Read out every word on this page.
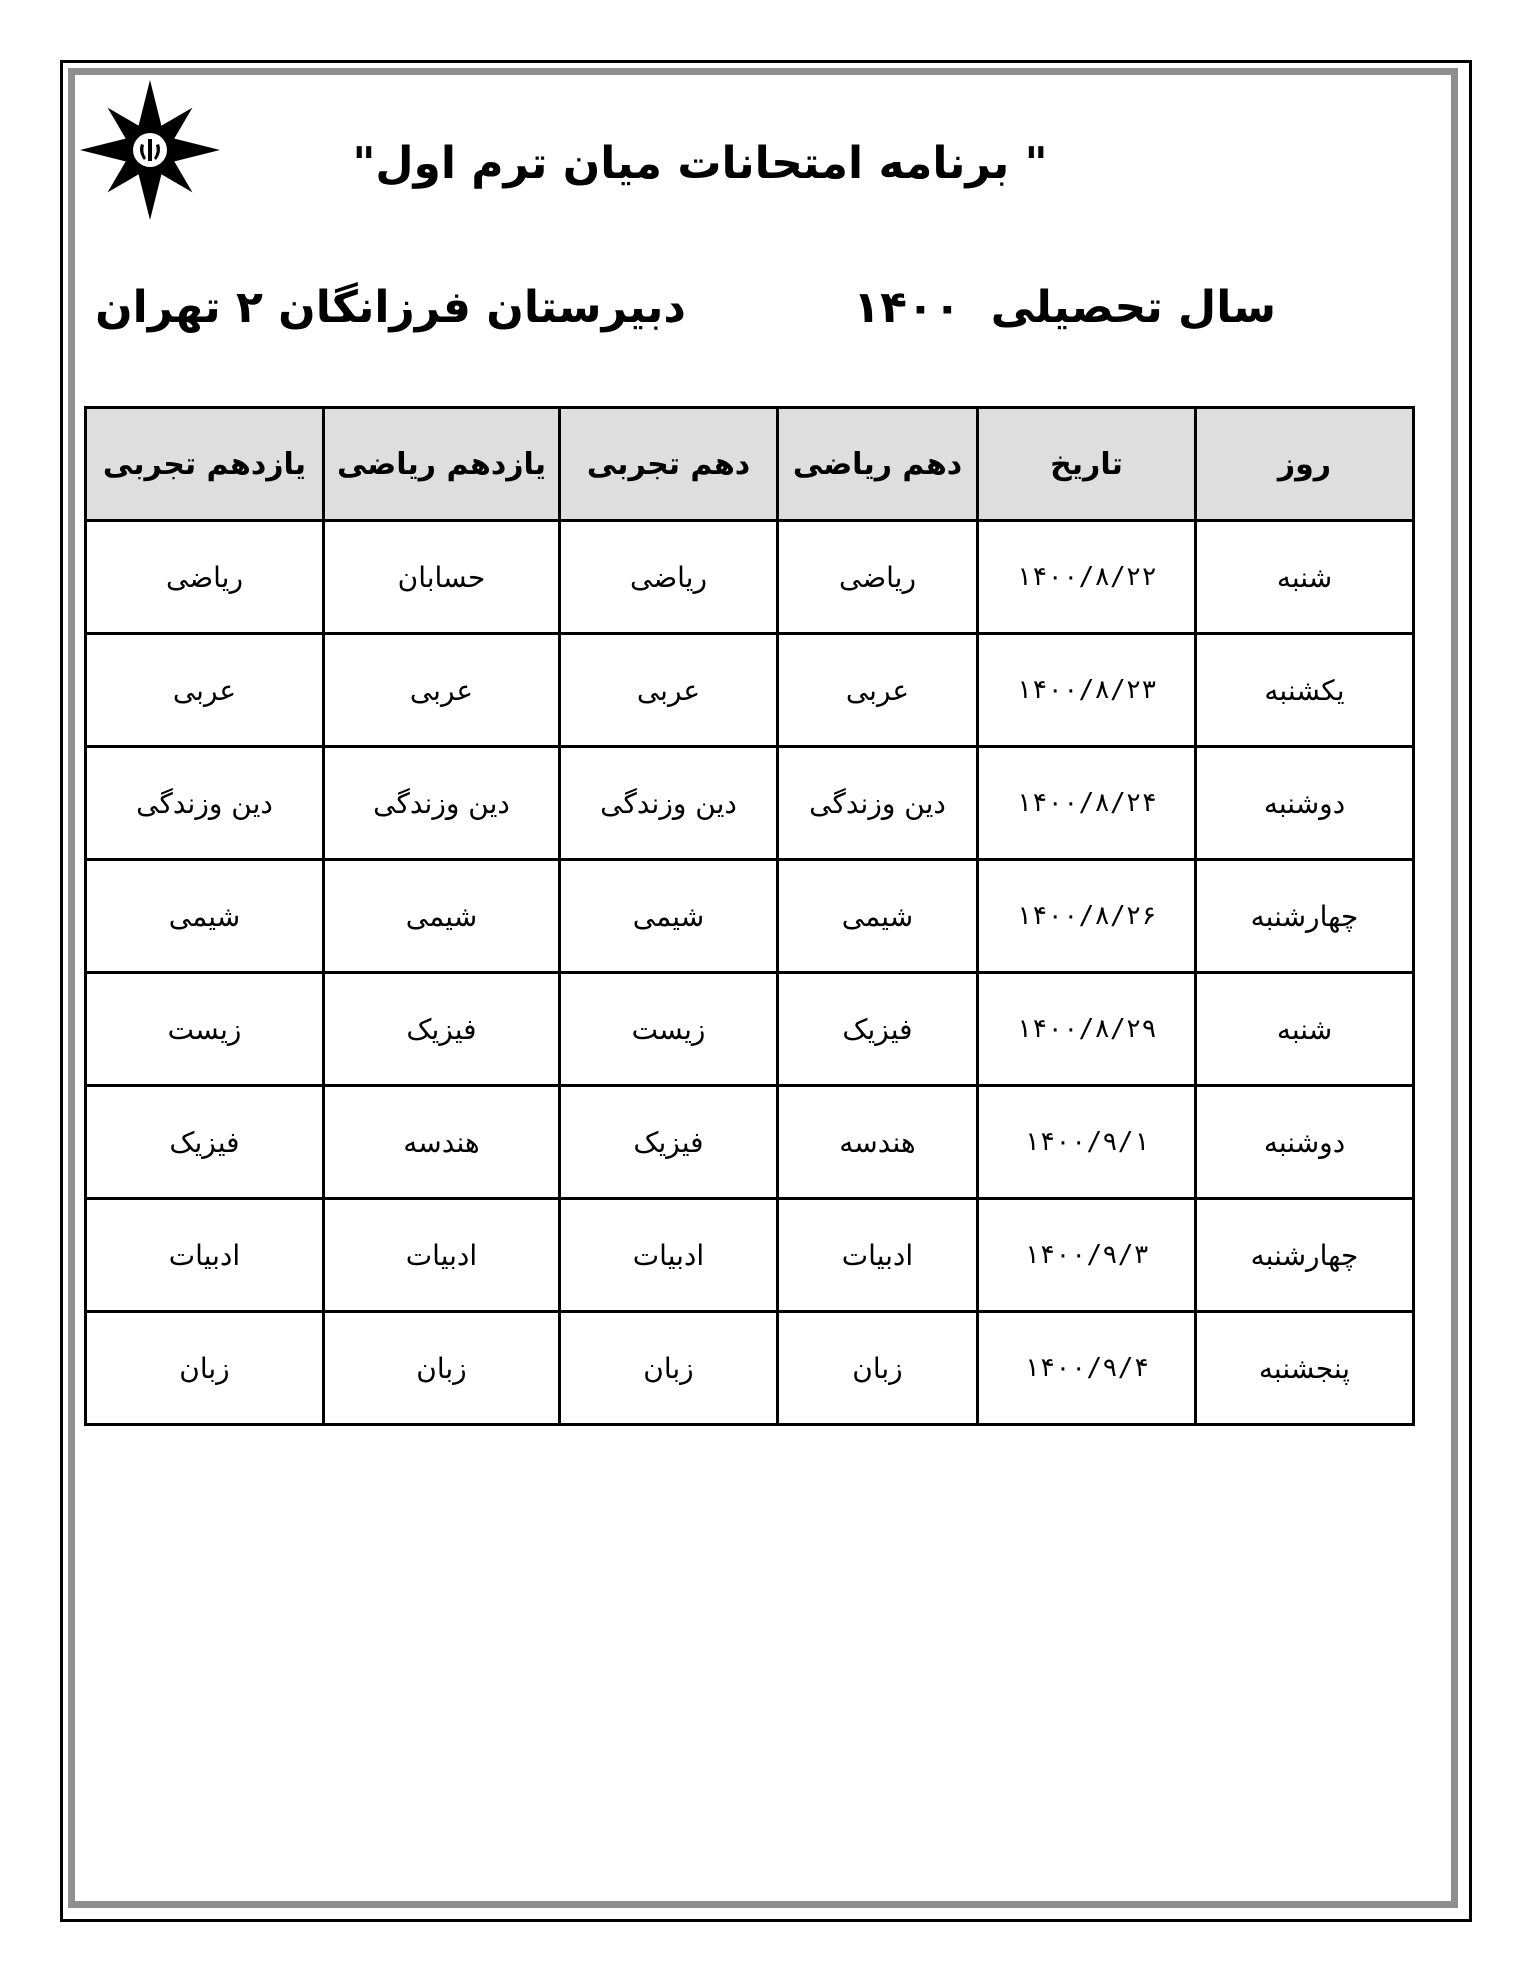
" برنامه امتحانات میان ترم اول"
سال تحصیلی۱۴۰۰
دبیرستان فرزانگان ۲ تهران
روز	تاریخ	دهم ریاضی	دهم تجربی	یازدهم ریاضی	یازدهم تجربی
شنبه	۱۴۰۰/۸/۲۲	ریاضی	ریاضی	حسابان	ریاضی
یکشنبه	۱۴۰۰/۸/۲۳	عربی	عربی	عربی	عربی
دوشنبه	۱۴۰۰/۸/۲۴	دین وزندگی	دین وزندگی	دین وزندگی	دین وزندگی
چهارشنبه	۱۴۰۰/۸/۲۶	شیمی	شیمی	شیمی	شیمی
شنبه	۱۴۰۰/۸/۲۹	فیزیک	زیست	فیزیک	زیست
دوشنبه	۱۴۰۰/۹/۱	هندسه	فیزیک	هندسه	فیزیک
چهارشنبه	۱۴۰۰/۹/۳	ادبیات	ادبیات	ادبیات	ادبیات
پنجشنبه	۱۴۰۰/۹/۴	زبان	زبان	زبان	زبان
